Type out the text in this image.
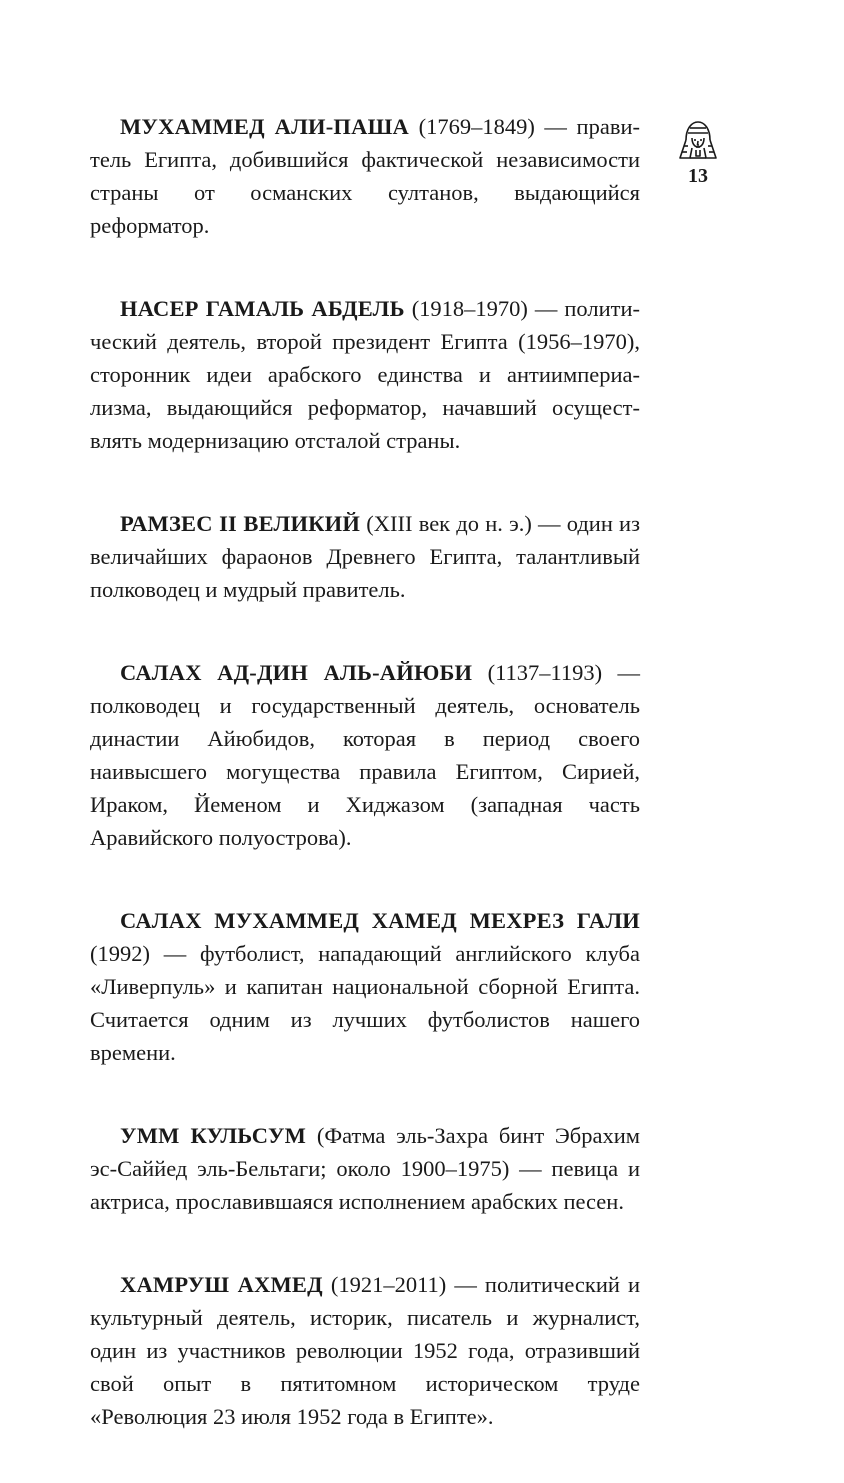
13

МУХАММЕД АЛИ-ПАША (1769–1849) — правитель Египта, добившийся фактической независимости страны от османских султанов, выдающийся реформатор.

НАСЕР ГАМАЛЬ АБДЕЛЬ (1918–1970) — политический деятель, второй президент Египта (1956–1970), сторонник идеи арабского единства и антиимпериализма, выдающийся реформатор, начавший осуществлять модернизацию отсталой страны.

РАМЗЕС II ВЕЛИКИЙ (XIII век до н. э.) — один из величайших фараонов Древнего Египта, талантливый полководец и мудрый правитель.

САЛАХ АД-ДИН АЛЬ-АЙЮБИ (1137–1193) — полководец и государственный деятель, основатель династии Айюбидов, которая в период своего наивысшего могущества правила Египтом, Сирией, Ираком, Йеменом и Хиджазом (западная часть Аравийского полуострова).

САЛАХ МУХАММЕД ХАМЕД МЕХРЕЗ ГАЛИ (1992) — футболист, нападающий английского клуба «Ливерпуль» и капитан национальной сборной Египта. Считается одним из лучших футболистов нашего времени.

УММ КУЛЬСУМ (Фатма эль-Захра бинт Эбрахим эс-Саййед эль-Бельтаги; около 1900–1975) — певица и актриса, прославившаяся исполнением арабских песен.

ХАМРУШ АХМЕД (1921–2011) — политический и культурный деятель, историк, писатель и журналист, один из участников революции 1952 года, отразивший свой опыт в пятитомном историческом труде «Революция 23 июля 1952 года в Египте».
